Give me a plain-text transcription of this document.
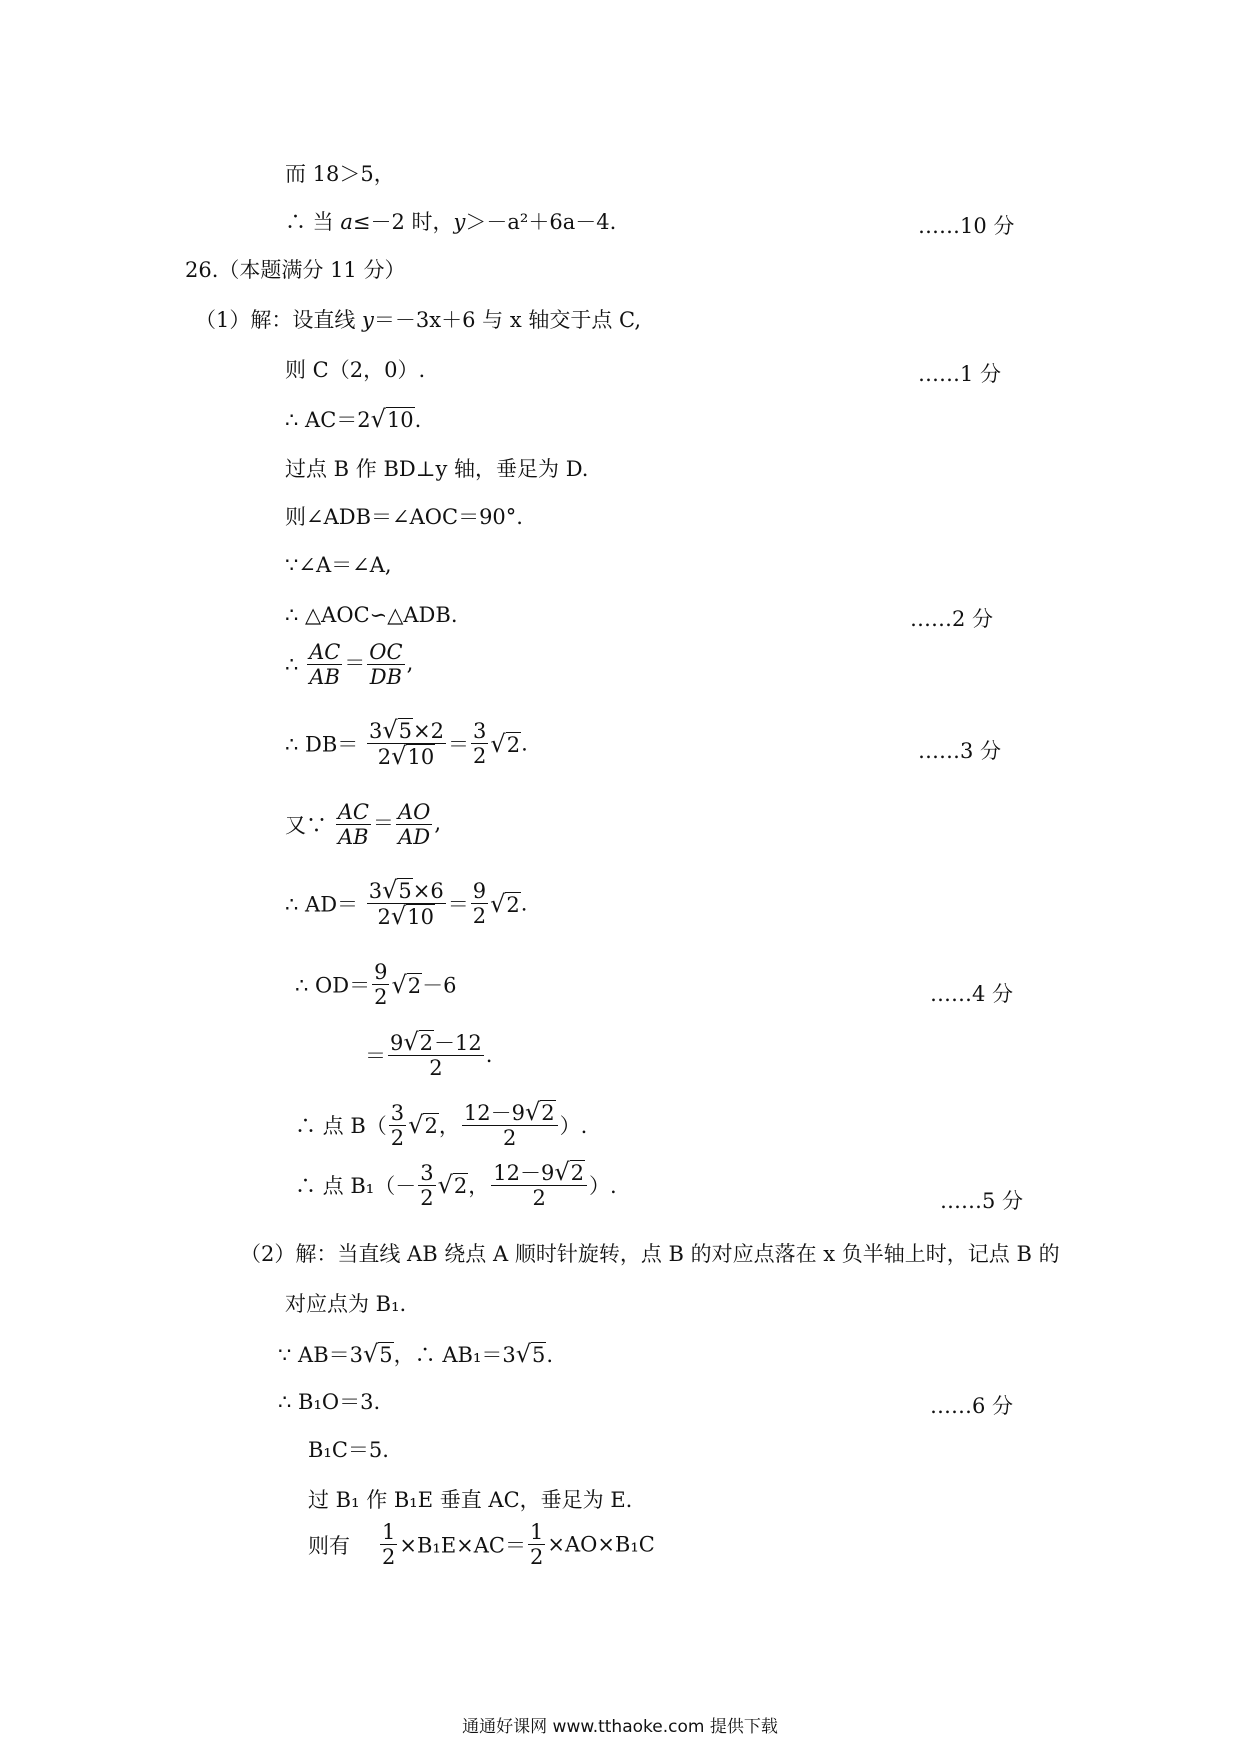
而 18＞5，
∴ 当 a≤－2 时，y＞－a²＋6a－4.	……10 分
26.（本题满分 11 分）
（1）解：设直线 y＝－3x＋6 与 x 轴交于点 C,
则 C（2，0）.	……1 分
∴ AC＝2√10.
过点 B 作 BD⊥y 轴，垂足为 D.
则∠ADB＝∠AOC＝90°.
∵∠A＝∠A,
∴ △AOC∽△ADB.	……2 分
∴ $\frac{AC}{AB} = \frac{OC}{DB}$ ,
∴ $DB= \frac{3√5\times 2}{2√10} = \frac{3}{2} √2$.	……3 分
又∵ $\frac{AC}{AB} = \frac{AO}{AD}$ ,
∴ $AD= \frac{3√5\times 6}{2√10} = \frac{9}{2} √2$.
∴ $OD= \frac{9}{2} √2-6$	……4 分
＝ $\frac{9√2-12}{2}$ .
∴ 点 $B( \frac{3}{2} √2$， $\frac{12-9√2}{2}$ ）.
∴ 点 $B_1(- \frac{3}{2} √2$， $\frac{12-9√2}{2}$ ）.
……5 分
（2）解：当直线 AB 绕点 A 顺时针旋转，点 B 的对应点落在 x 负半轴上时，记点 B 的
对应点为 B₁.
∵ AB＝3√5，∴ AB₁＝3√5.
∴ B₁O＝3.	……6 分
B₁C＝5.
过 B₁ 作 B₁E 垂直 AC，垂足为 E.
则有 $\frac{1}{2} \times B_1E\times AC= \frac{1}{2} \times AO\times B_1C$
通通好课网 www.tthaoke.com 提供下载
